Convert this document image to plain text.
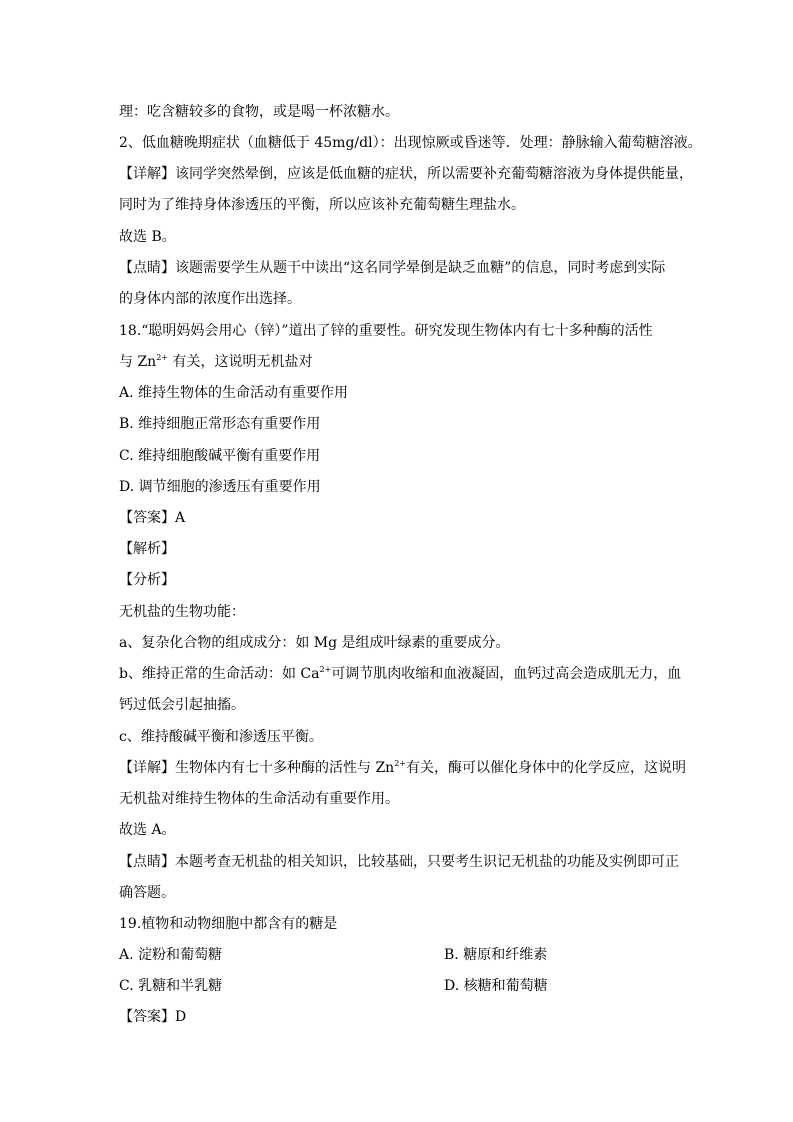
理：吃含糖较多的食物，或是喝一杯浓糖水。
2、低血糖晚期症状（血糖低于 45mg/dl）：出现惊厥或昏迷等．处理：静脉输入葡萄糖溶液。
【详解】该同学突然晕倒，应该是低血糖的症状，所以需要补充葡萄糖溶液为身体提供能量，
同时为了维持身体渗透压的平衡，所以应该补充葡萄糖生理盐水。
故选 B。
【点睛】该题需要学生从题干中读出“这名同学晕倒是缺乏血糖”的信息，同时考虑到实际
的身体内部的浓度作出选择。
18.“聪明妈妈会用心（锌）”道出了锌的重要性。研究发现生物体内有七十多种酶的活性
与 $Zn^{2+}$ 有关，这说明无机盐对
A. 维持生物体的生命活动有重要作用
B. 维持细胞正常形态有重要作用
C. 维持细胞酸碱平衡有重要作用
D. 调节细胞的渗透压有重要作用
【答案】A
【解析】
【分析】
无机盐的生物功能：
a、复杂化合物的组成成分：如 Mg 是组成叶绿素的重要成分。
b、维持正常的生命活动：如 $Ca^{2+}$可调节肌肉收缩和血液凝固，血钙过高会造成肌无力，血
钙过低会引起抽搐。
c、维持酸碱平衡和渗透压平衡。
【详解】生物体内有七十多种酶的活性与 $Zn^{2+}$有关，酶可以催化身体中的化学反应，这说明
无机盐对维持生物体的生命活动有重要作用。
故选 A。
【点睛】本题考查无机盐的相关知识，比较基础，只要考生识记无机盐的功能及实例即可正
确答题。
19.植物和动物细胞中都含有的糖是
A. 淀粉和葡萄糖	B. 糖原和纤维素
C. 乳糖和半乳糖	D. 核糖和葡萄糖
【答案】D
